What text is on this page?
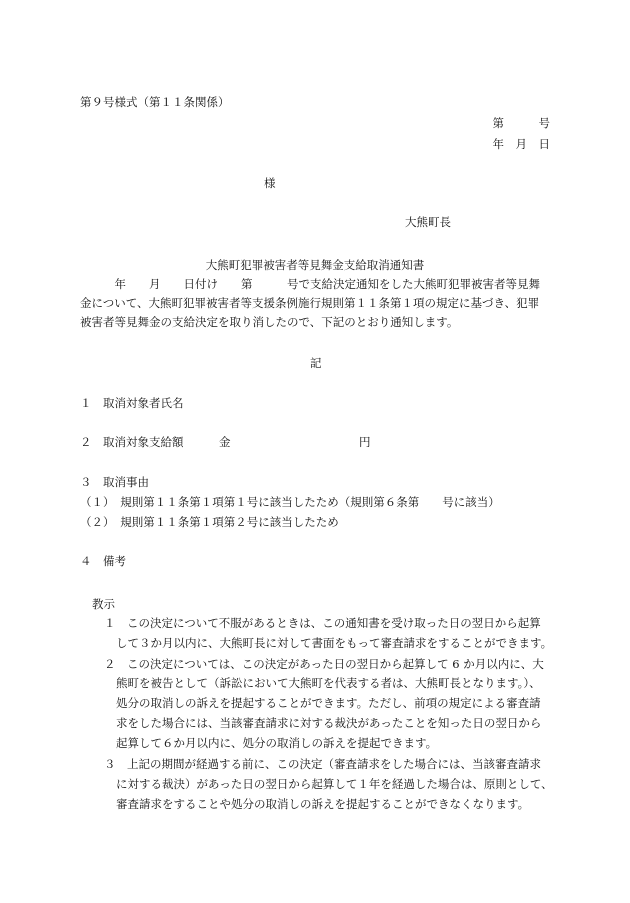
第９号様式（第１１条関係）
第　　　号
年　月　日
様
大熊町長
大熊町犯罪被害者等見舞金支給取消通知書
　　　年　　月　　日付け　　第　　　号で支給決定通知をした大熊町犯罪被害者等見舞
金について、大熊町犯罪被害者等支援条例施行規則第１１条第１項の規定に基づき、犯罪
被害者等見舞金の支給決定を取り消したので、下記のとおり通知します。
記
１　取消対象者氏名
２　取消対象支給額	金	円
３　取消事由
（１）　規則第１１条第１項第１号に該当したため（規則第６条第　　号に該当）
（２）　規則第１１条第１項第２号に該当したため
４　備考
教示
１　この決定について不服があるときは、この通知書を受け取った日の翌日から起算
して３か月以内に、大熊町長に対して書面をもって審査請求をすることができます。
２　この決定については、この決定があった日の翌日から起算して 6 か月以内に、大
熊町を被告として（訴訟において大熊町を代表する者は、大熊町長となります。）、
処分の取消しの訴えを提起することができます。ただし、前項の規定による審査請
求をした場合には、当該審査請求に対する裁決があったことを知った日の翌日から
起算して６か月以内に、処分の取消しの訴えを提起できます。
３　上記の期間が経過する前に、この決定（審査請求をした場合には、当該審査請求
に対する裁決）があった日の翌日から起算して１年を経過した場合は、原則として、
審査請求をすることや処分の取消しの訴えを提起することができなくなります。
